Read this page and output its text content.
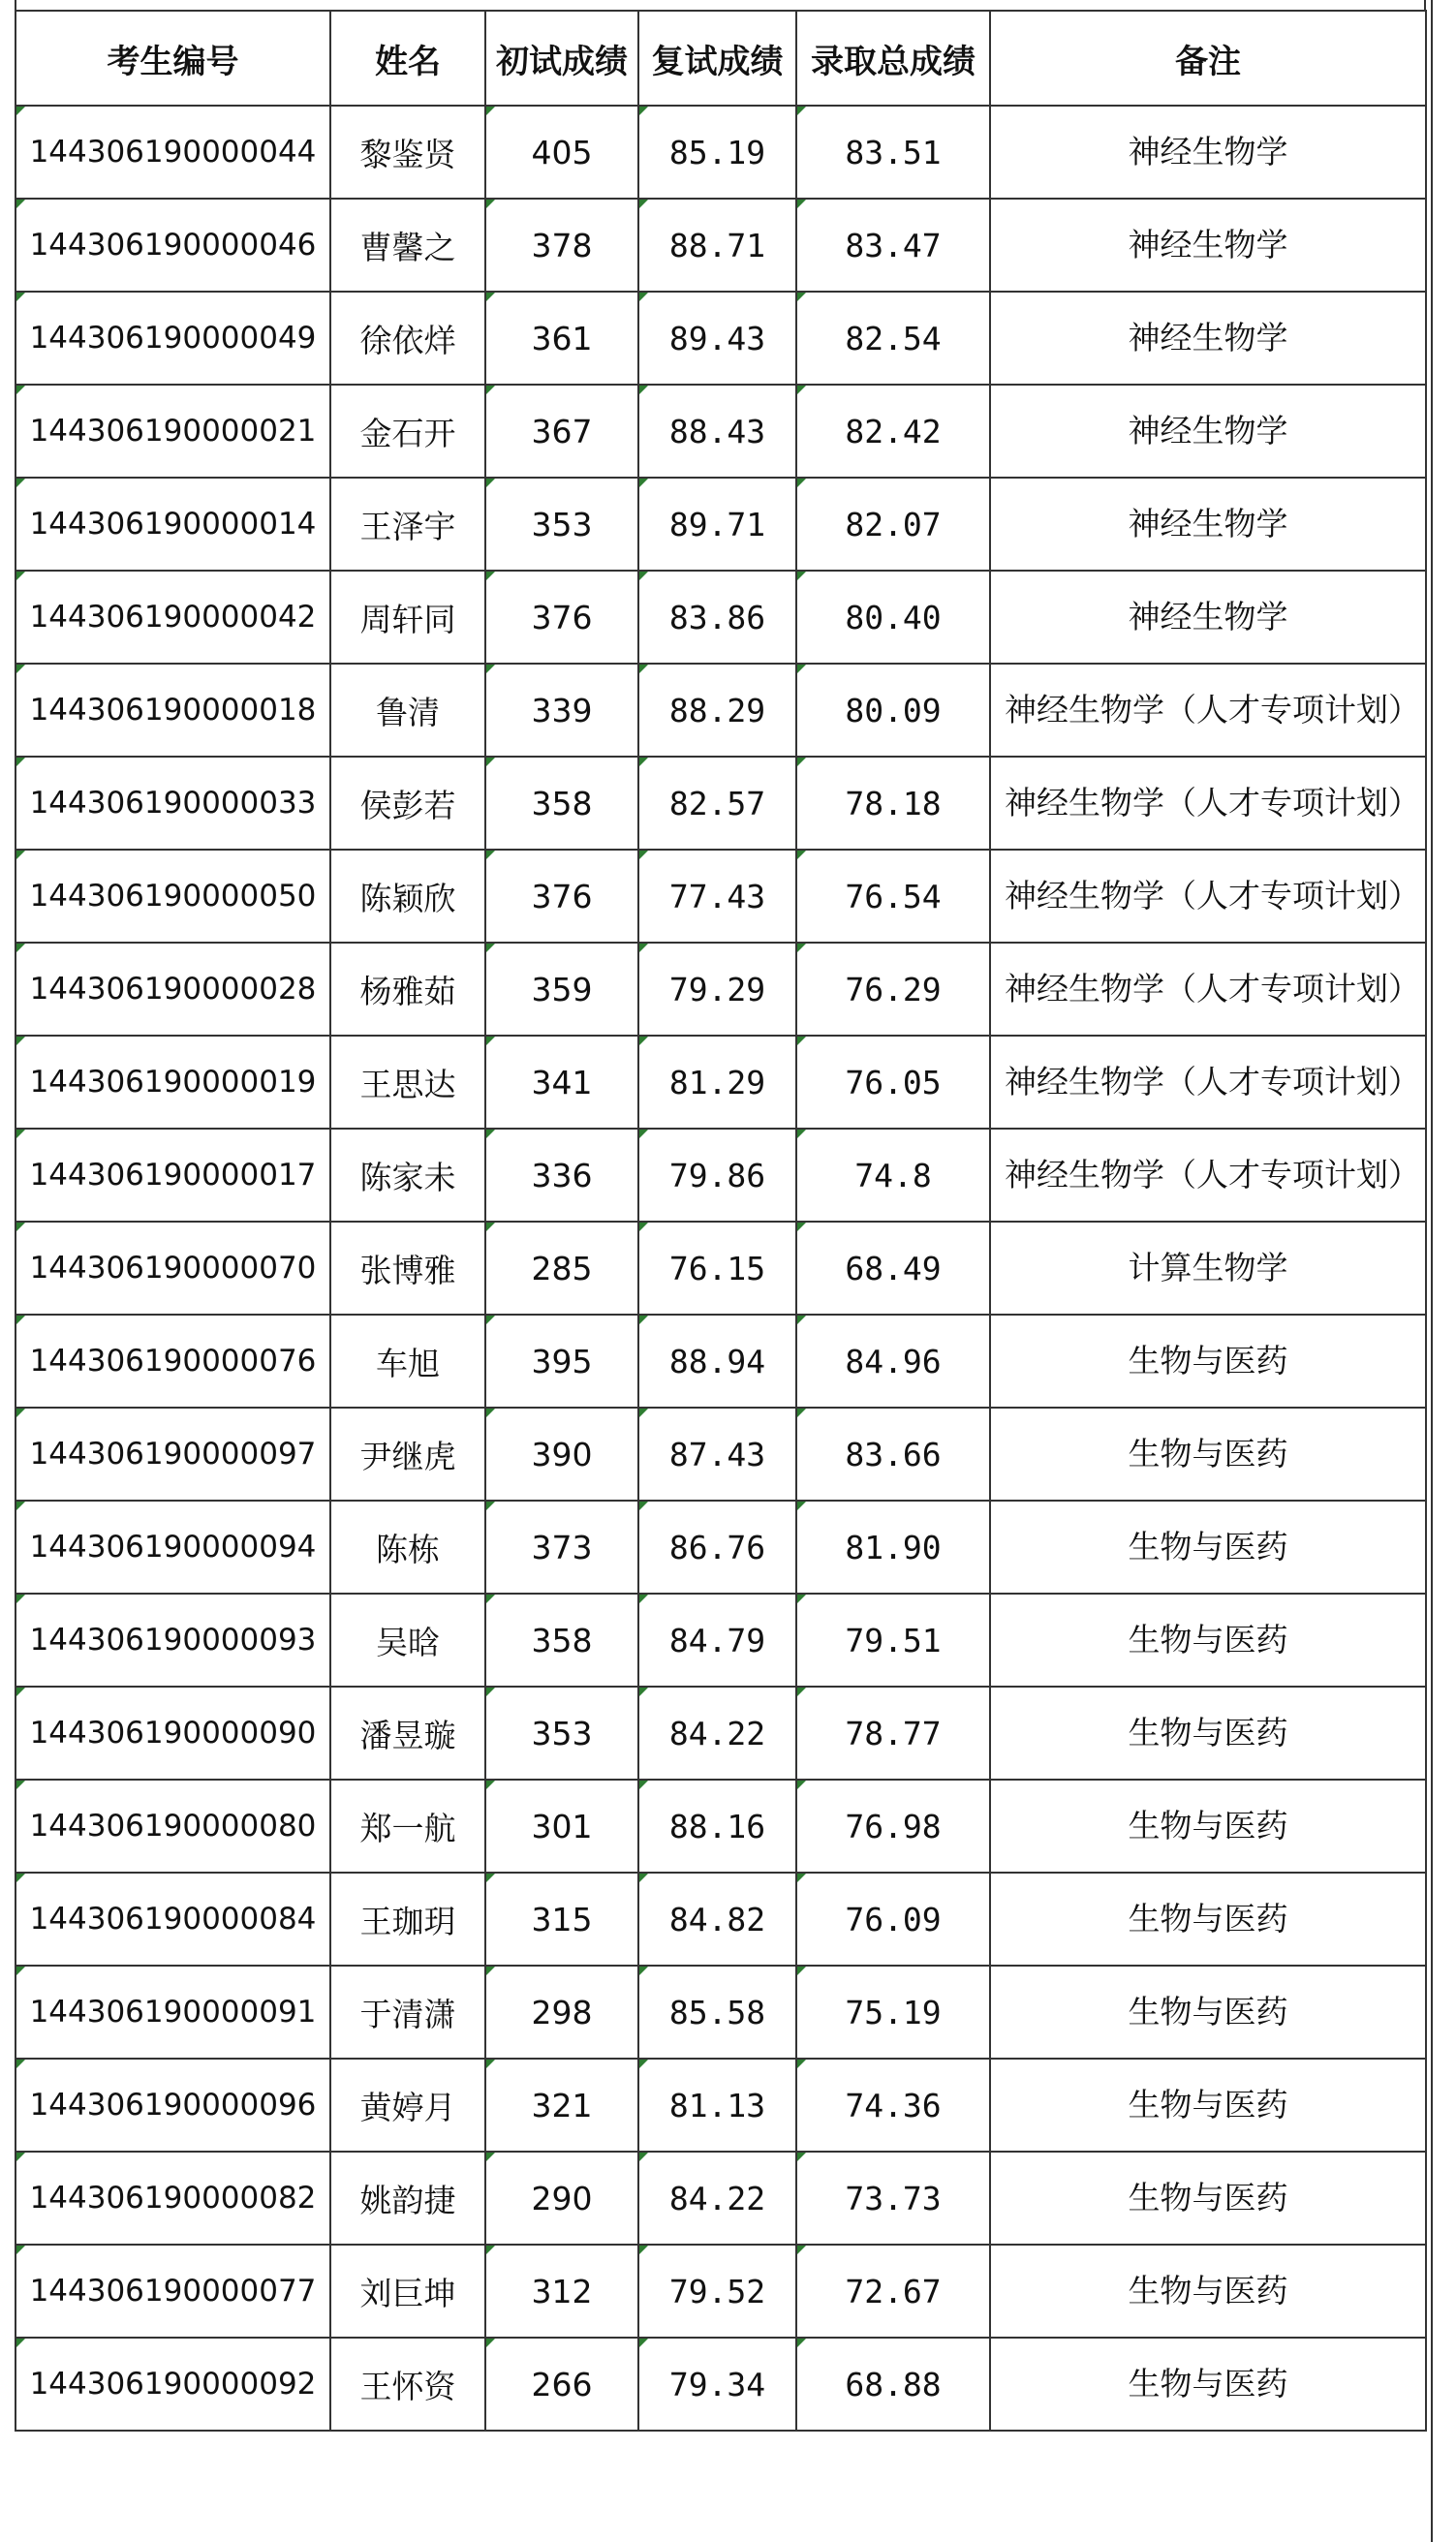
考生编号	姓名	初试成绩	复试成绩	录取总成绩	备注
144306190000044	黎鉴贤	405	85.19	83.51	神经生物学
144306190000046	曹馨之	378	88.71	83.47	神经生物学
144306190000049	徐依烊	361	89.43	82.54	神经生物学
144306190000021	金石开	367	88.43	82.42	神经生物学
144306190000014	王泽宇	353	89.71	82.07	神经生物学
144306190000042	周轩同	376	83.86	80.40	神经生物学
144306190000018	鲁清	339	88.29	80.09	神经生物学（人才专项计划）
144306190000033	侯彭若	358	82.57	78.18	神经生物学（人才专项计划）
144306190000050	陈颖欣	376	77.43	76.54	神经生物学（人才专项计划）
144306190000028	杨雅茹	359	79.29	76.29	神经生物学（人才专项计划）
144306190000019	王思达	341	81.29	76.05	神经生物学（人才专项计划）
144306190000017	陈家未	336	79.86	74.8	神经生物学（人才专项计划）
144306190000070	张博雅	285	76.15	68.49	计算生物学
144306190000076	车旭	395	88.94	84.96	生物与医药
144306190000097	尹继虎	390	87.43	83.66	生物与医药
144306190000094	陈栋	373	86.76	81.90	生物与医药
144306190000093	吴晗	358	84.79	79.51	生物与医药
144306190000090	潘昱璇	353	84.22	78.77	生物与医药
144306190000080	郑一航	301	88.16	76.98	生物与医药
144306190000084	王珈玥	315	84.82	76.09	生物与医药
144306190000091	于清潇	298	85.58	75.19	生物与医药
144306190000096	黄婷月	321	81.13	74.36	生物与医药
144306190000082	姚韵捷	290	84.22	73.73	生物与医药
144306190000077	刘巨坤	312	79.52	72.67	生物与医药
144306190000092	王怀资	266	79.34	68.88	生物与医药
